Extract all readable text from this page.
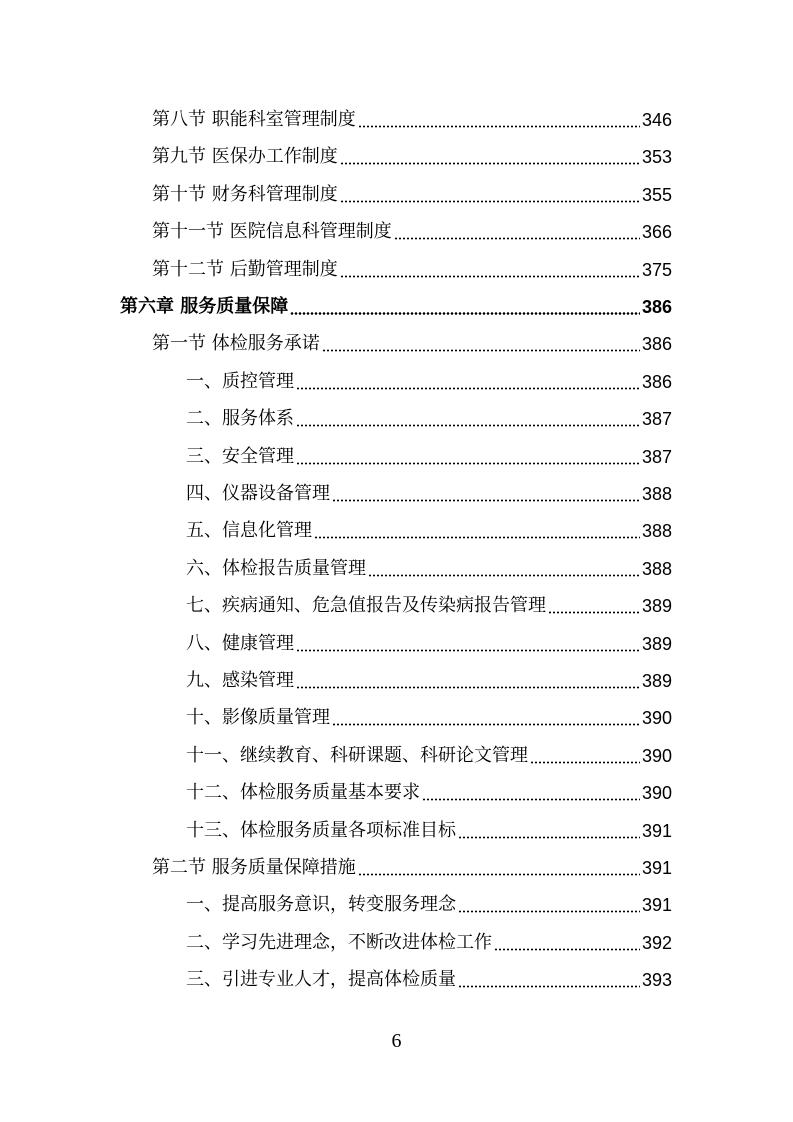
第八节 职能科室管理制度	346
第九节 医保办工作制度	353
第十节 财务科管理制度	355
第十一节 医院信息科管理制度	366
第十二节 后勤管理制度	375
第六章 服务质量保障	386
第一节 体检服务承诺	386
一、质控管理	386
二、服务体系	387
三、安全管理	387
四、仪器设备管理	388
五、信息化管理	388
六、体检报告质量管理	388
七、疾病通知、危急值报告及传染病报告管理	389
八、健康管理	389
九、感染管理	389
十、影像质量管理	390
十一、继续教育、科研课题、科研论文管理	390
十二、体检服务质量基本要求	390
十三、体检服务质量各项标准目标	391
第二节 服务质量保障措施	391
一、提高服务意识，转变服务理念	391
二、学习先进理念，不断改进体检工作	392
三、引进专业人才，提高体检质量	393
6
